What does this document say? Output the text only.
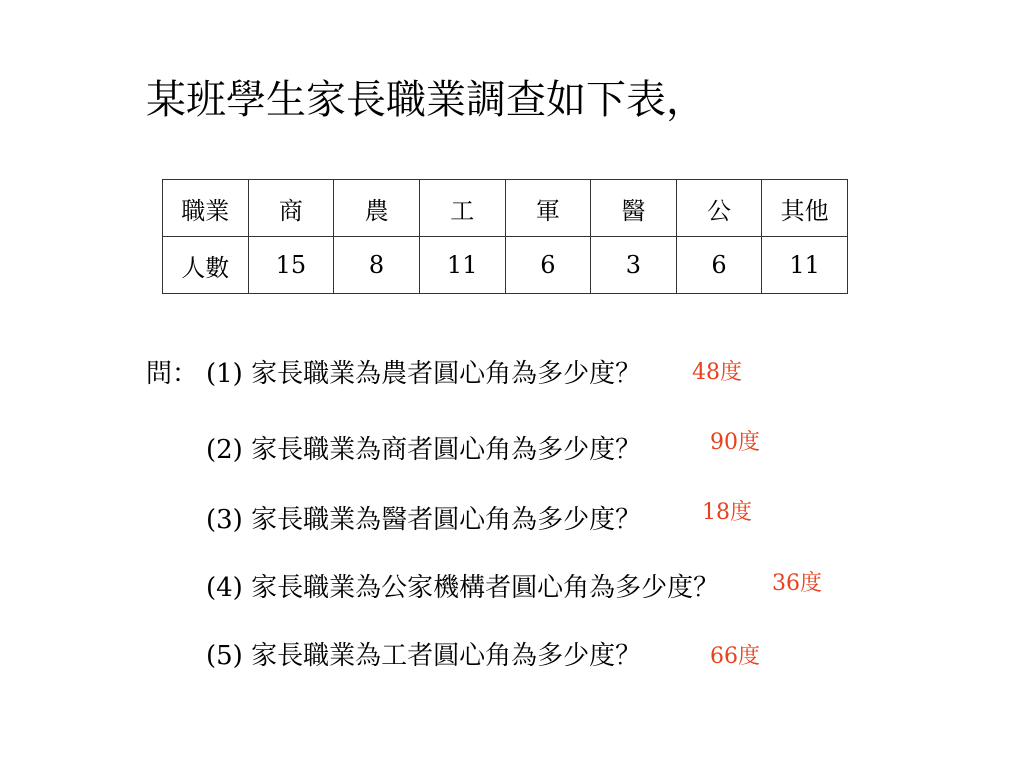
某班學生家長職業調查如下表，
職業	商	農	工	軍	醫	公	其他
人數	15	8	11	6	3	6	11
問： (1) 家長職業為農者圓心角為多少度？ 48度
(2) 家長職業為商者圓心角為多少度？	90度
(3) 家長職業為醫者圓心角為多少度？	18度
(4) 家長職業為公家機構者圓心角為多少度？ 36度
(5) 家長職業為工者圓心角為多少度？	66度
